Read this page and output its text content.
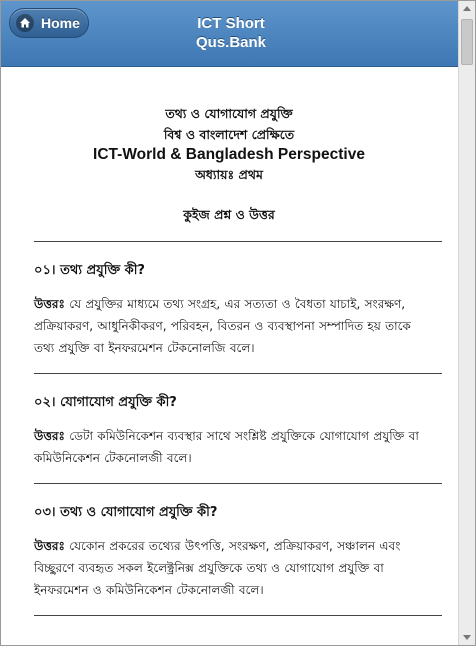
Home	ICT Short
Qus.Bank
তথ্য ও যোগাযোগ প্রযুক্তি
বিশ্ব ও বাংলাদেশ প্রেক্ষিতে
ICT-World & Bangladesh Perspective
অধ্যায়ঃ প্রথম
কুইজ প্রশ্ন ও উত্তর
০১। তথ্য প্রযুক্তি কী?
উত্তরঃ যে প্রযুক্তির মাধ্যমে তথ্য সংগ্রহ, এর সত্যতা ও বৈধতা যাচাই, সংরক্ষণ, প্রক্রিয়াকরণ, আধুনিকীকরণ, পরিবহন, বিতরন ও ব্যবস্থাপনা সম্পাদিত হয় তাকে তথ্য প্রযুক্তি বা ইনফরমেশন টেকনোলজি বলে।
০২। যোগাযোগ প্রযুক্তি কী?
উত্তরঃ ডেটা কমিউনিকেশন ব্যবস্থার সাথে সংশ্লিষ্ট প্রযুক্তিকে যোগাযোগ প্রযুক্তি বা কমিউনিকেশন টেকনোলজী বলে।
০৩। তথ্য ও যোগাযোগ প্রযুক্তি কী?
উত্তরঃ যেকোন প্রকরের তথ্যের উৎপত্তি, সংরক্ষণ, প্রক্রিয়াকরণ, সঞ্চালন এবং বিচ্ছুরণে ব্যবহৃত সকল ইলেক্ট্রনিক্স প্রযুক্তিকে তথ্য ও যোগাযোগ প্রযুক্তি বা ইনফরমেশন ও কমিউনিকেশন টেকনোলজী বলে।
